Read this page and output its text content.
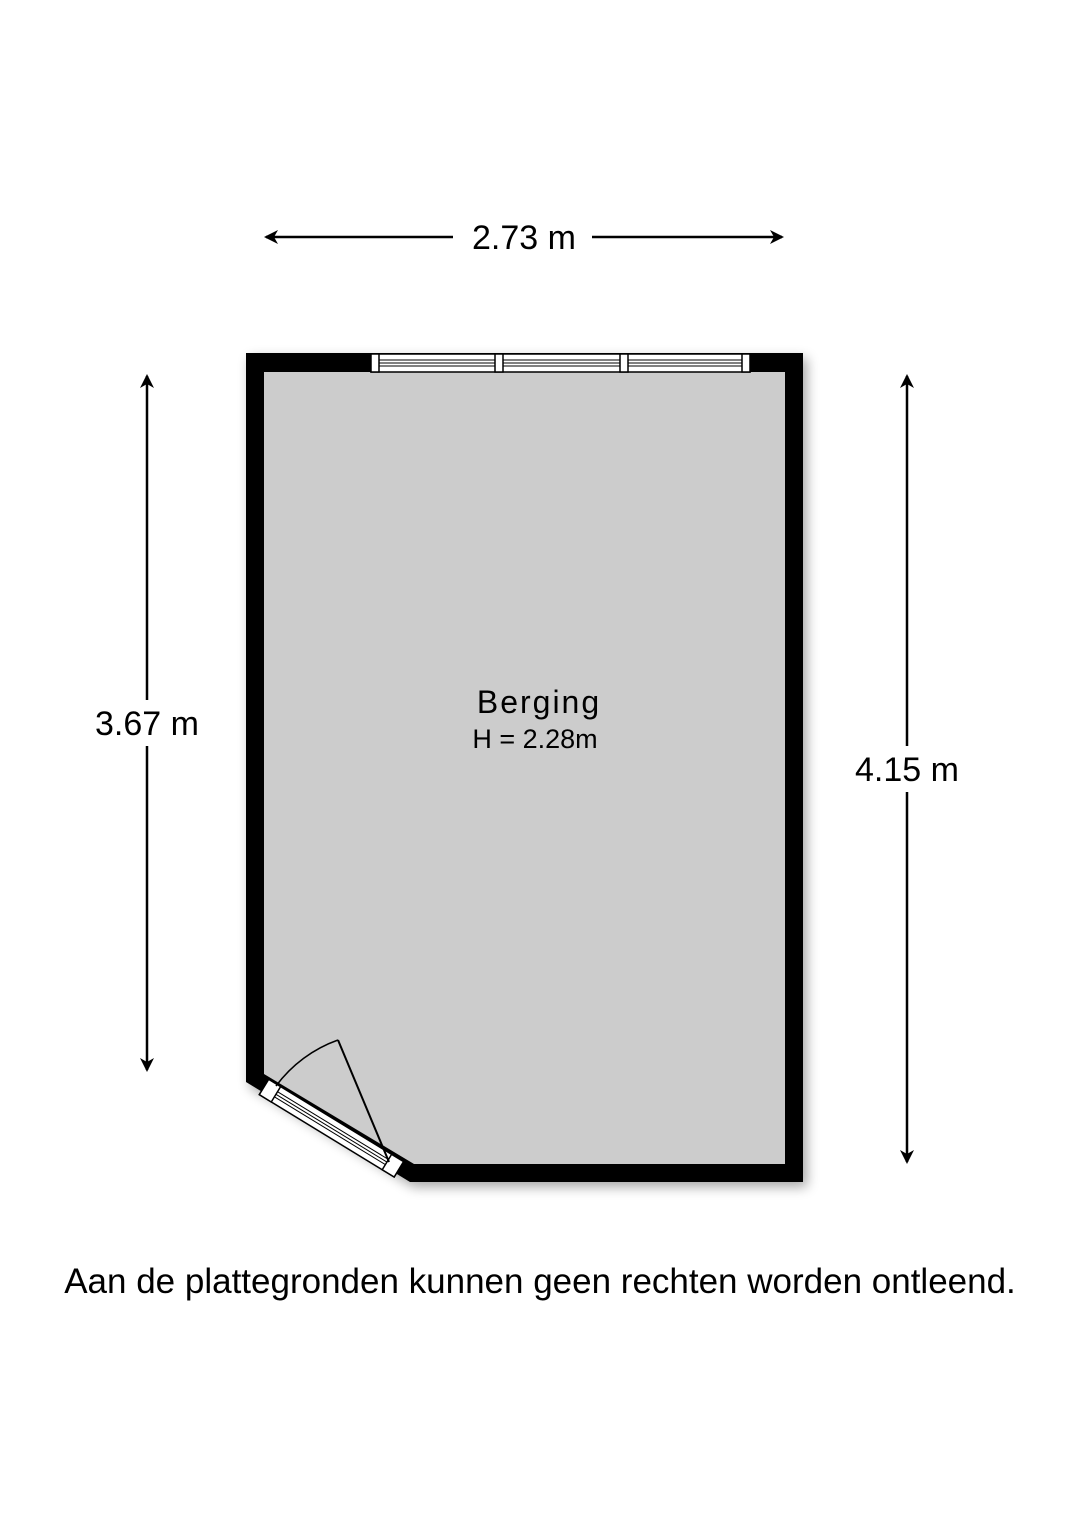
2.73 m
3.67 m
4.15 m
Berging
H = 2.28m
Aan de plattegronden kunnen geen rechten worden ontleend.
